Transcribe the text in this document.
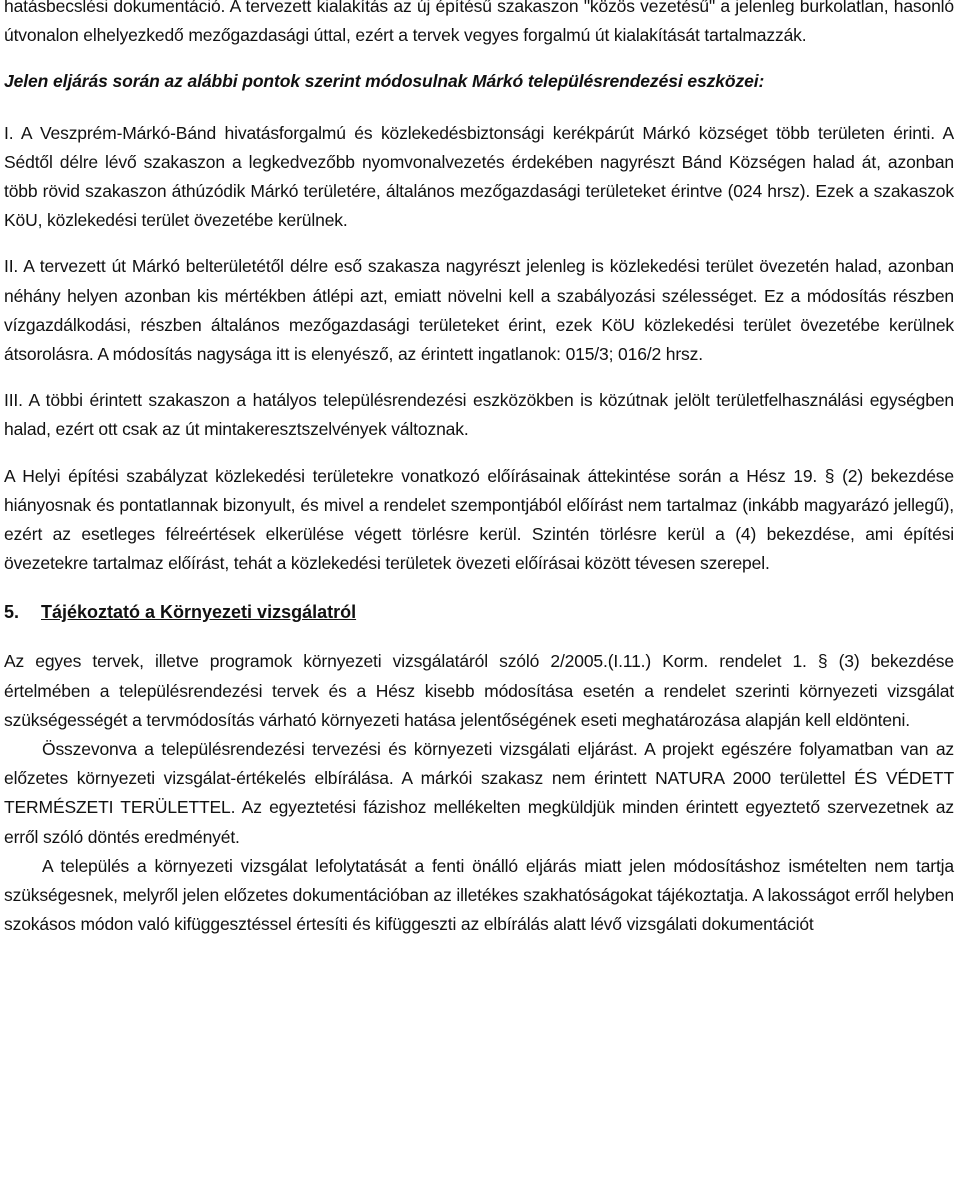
hatásbecslési dokumentáció. A tervezett kialakítás az új építésű szakaszon "közös vezetésű" a jelenleg burkolatlan, hasonló útvonalon elhelyezkedő mezőgazdasági úttal, ezért a tervek vegyes forgalmú út kialakítását tartalmazzák.

Jelen eljárás során az alábbi pontok szerint módosulnak Márkó településrendezési eszközei:

I. A Veszprém-Márkó-Bánd hivatásforgalmú és közlekedésbiztonsági kerékpárút Márkó községet több területen érinti. A Sédtől délre lévő szakaszon a legkedvezőbb nyomvonalvezetés érdekében nagyrészt Bánd Községen halad át, azonban több rövid szakaszon áthúzódik Márkó területére, általános mezőgazdasági területeket érintve (024 hrsz). Ezek a szakaszok KöU, közlekedési terület övezetébe kerülnek.

II. A tervezett út Márkó belterületétől délre eső szakasza nagyrészt jelenleg is közlekedési terület övezetén halad, azonban néhány helyen azonban kis mértékben átlépi azt, emiatt növelni kell a szabályozási szélességet. Ez a módosítás részben vízgazdálkodási, részben általános mezőgazdasági területeket érint, ezek KöU közlekedési terület övezetébe kerülnek átsorolásra. A módosítás nagysága itt is elenyésző, az érintett ingatlanok: 015/3; 016/2 hrsz.

III. A többi érintett szakaszon a hatályos településrendezési eszközökben is közútnak jelölt területfelhasználási egységben halad, ezért ott csak az út mintakeresztszelvények változnak.

A Helyi építési szabályzat közlekedési területekre vonatkozó előírásainak áttekintése során a Hész 19. § (2) bekezdése hiányosnak és pontatlannak bizonyult, és mivel a rendelet szempontjából előírást nem tartalmaz (inkább magyarázó jellegű), ezért az esetleges félreértések elkerülése végett törlésre kerül. Szintén törlésre kerül a (4) bekezdése, ami építési övezetekre tartalmaz előírást, tehát a közlekedési területek övezeti előírásai között tévesen szerepel.

5. Tájékoztató a Környezeti vizsgálatról

Az egyes tervek, illetve programok környezeti vizsgálatáról szóló 2/2005.(I.11.) Korm. rendelet 1. § (3) bekezdése értelmében a településrendezési tervek és a Hész kisebb módosítása esetén a rendelet szerinti környezeti vizsgálat szükségességét a tervmódosítás várható környezeti hatása jelentőségének eseti meghatározása alapján kell eldönteni.

Összevonva a településrendezési tervezési és környezeti vizsgálati eljárást. A projekt egészére folyamatban van az előzetes környezeti vizsgálat-értékelés elbírálása. A márkói szakasz nem érintett NATURA 2000 területtel ÉS VÉDETT TERMÉSZETI TERÜLETTEL. Az egyeztetési fázishoz mellékelten megküldjük minden érintett egyeztető szervezetnek az erről szóló döntés eredményét.

A település a környezeti vizsgálat lefolytatását a fenti önálló eljárás miatt jelen módosításhoz ismételten nem tartja szükségesnek, melyről jelen előzetes dokumentációban az illetékes szakhatóságokat tájékoztatja. A lakosságot erről helyben szokásos módon való kifüggesztéssel értesíti és kifüggeszti az elbírálás alatt lévő vizsgálati dokumentációt
